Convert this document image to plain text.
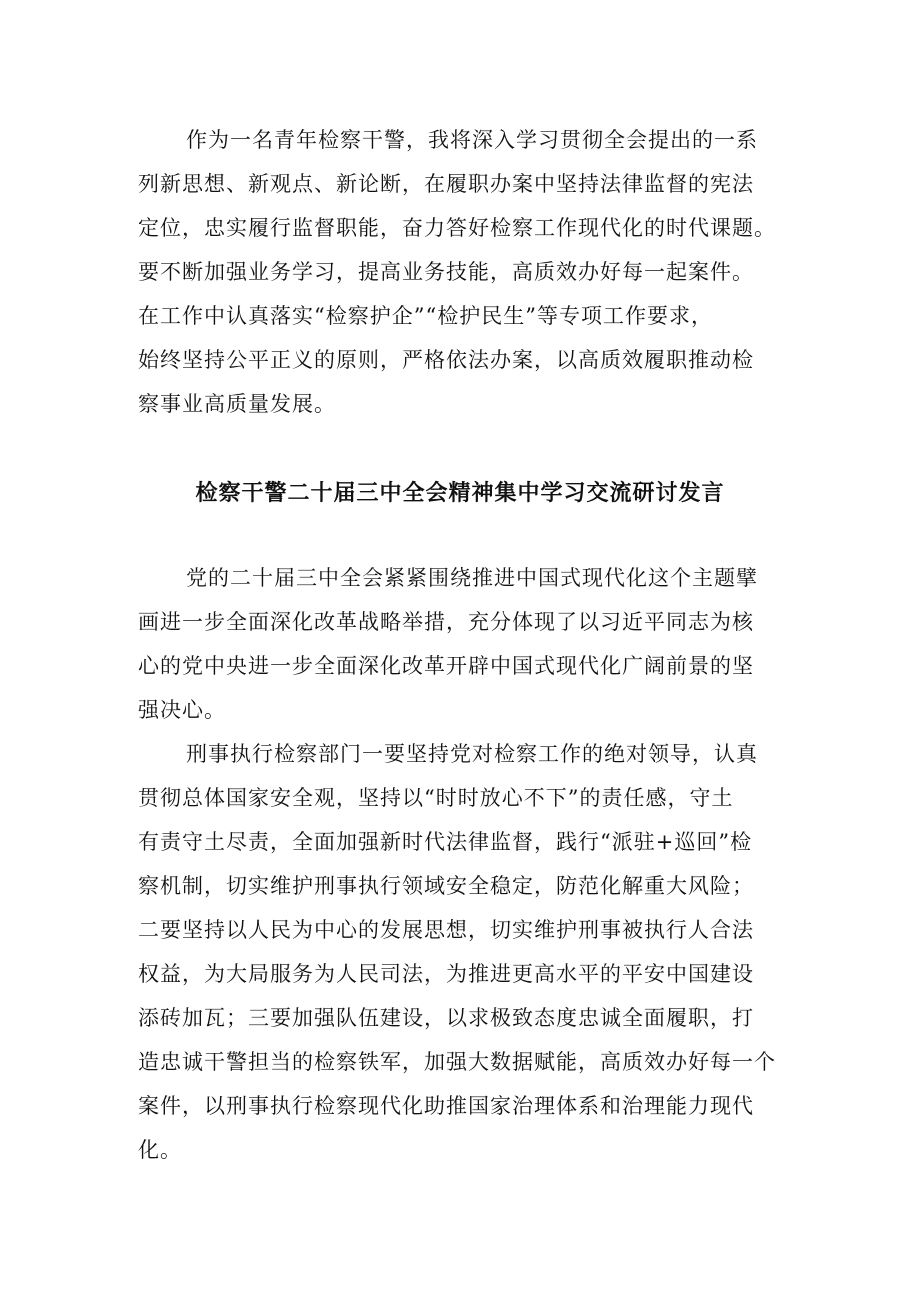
作为一名青年检察干警，我将深入学习贯彻全会提出的一系
列新思想、新观点、新论断，在履职办案中坚持法律监督的宪法
定位，忠实履行监督职能，奋力答好检察工作现代化的时代课题。
要不断加强业务学习，提高业务技能，高质效办好每一起案件。
在工作中认真落实“检察护企”“检护民生”等专项工作要求，
始终坚持公平正义的原则，严格依法办案，以高质效履职推动检
察事业高质量发展。
检察干警二十届三中全会精神集中学习交流研讨发言
党的二十届三中全会紧紧围绕推进中国式现代化这个主题擘
画进一步全面深化改革战略举措，充分体现了以习近平同志为核
心的党中央进一步全面深化改革开辟中国式现代化广阔前景的坚
强决心。
刑事执行检察部门一要坚持党对检察工作的绝对领导，认真
贯彻总体国家安全观，坚持以“时时放心不下”的责任感，守土
有责守土尽责，全面加强新时代法律监督，践行“派驻+巡回”检
察机制，切实维护刑事执行领域安全稳定，防范化解重大风险；
二要坚持以人民为中心的发展思想，切实维护刑事被执行人合法
权益，为大局服务为人民司法，为推进更高水平的平安中国建设
添砖加瓦；三要加强队伍建设，以求极致态度忠诚全面履职，打
造忠诚干警担当的检察铁军，加强大数据赋能，高质效办好每一个
案件，以刑事执行检察现代化助推国家治理体系和治理能力现代
化。
